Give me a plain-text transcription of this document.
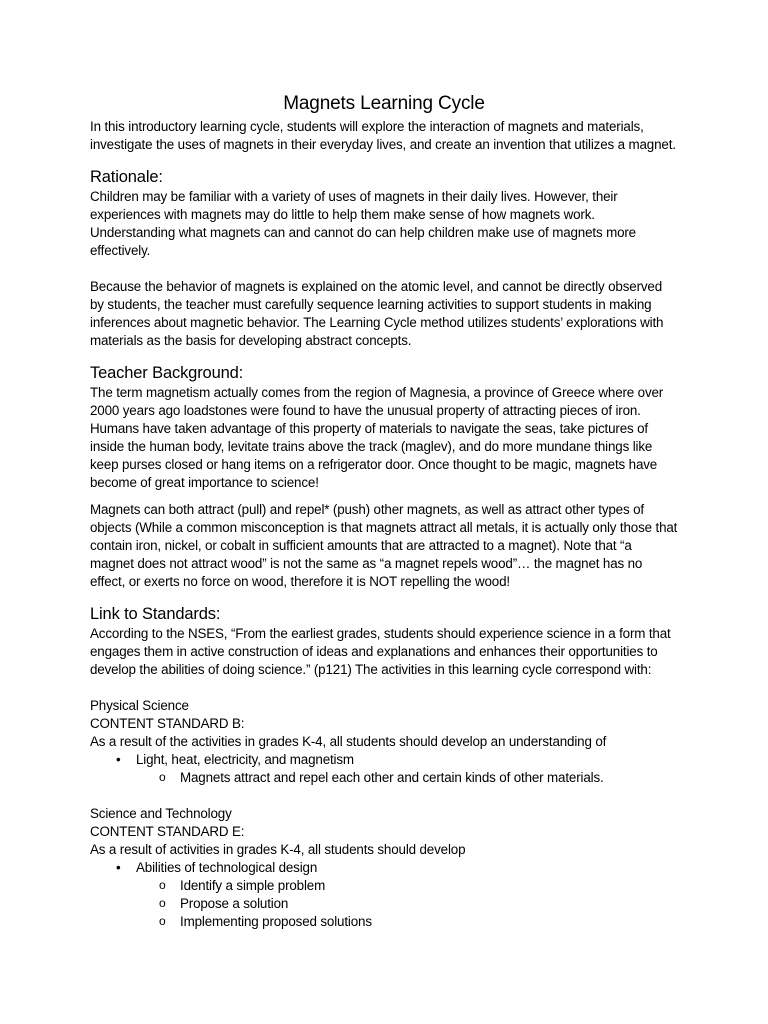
Magnets Learning Cycle

In this introductory learning cycle, students will explore the interaction of magnets and materials, investigate the uses of magnets in their everyday lives, and create an invention that utilizes a magnet.

Rationale:

Children may be familiar with a variety of uses of magnets in their daily lives. However, their experiences with magnets may do little to help them make sense of how magnets work. Understanding what magnets can and cannot do can help children make use of magnets more effectively.

Because the behavior of magnets is explained on the atomic level, and cannot be directly observed by students, the teacher must carefully sequence learning activities to support students in making inferences about magnetic behavior. The Learning Cycle method utilizes students’ explorations with materials as the basis for developing abstract concepts.

Teacher Background:

The term magnetism actually comes from the region of Magnesia, a province of Greece where over 2000 years ago loadstones were found to have the unusual property of attracting pieces of iron. Humans have taken advantage of this property of materials to navigate the seas, take pictures of inside the human body, levitate trains above the track (maglev), and do more mundane things like keep purses closed or hang items on a refrigerator door. Once thought to be magic, magnets have become of great importance to science!

Magnets can both attract (pull) and repel* (push) other magnets, as well as attract other types of objects (While a common misconception is that magnets attract all metals, it is actually only those that contain iron, nickel, or cobalt in sufficient amounts that are attracted to a magnet). Note that “a magnet does not attract wood” is not the same as “a magnet repels wood”… the magnet has no effect, or exerts no force on wood, therefore it is NOT repelling the wood!

Link to Standards:

According to the NSES, “From the earliest grades, students should experience science in a form that engages them in active construction of ideas and explanations and enhances their opportunities to develop the abilities of doing science.” (p121) The activities in this learning cycle correspond with:

Physical Science

CONTENT STANDARD B:

As a result of the activities in grades K-4, all students should develop an understanding of

• Light, heat, electricity, and magnetism
o Magnets attract and repel each other and certain kinds of other materials.

Science and Technology

CONTENT STANDARD E:

As a result of activities in grades K-4, all students should develop

• Abilities of technological design
o Identify a simple problem
o Propose a solution
o Implementing proposed solutions
